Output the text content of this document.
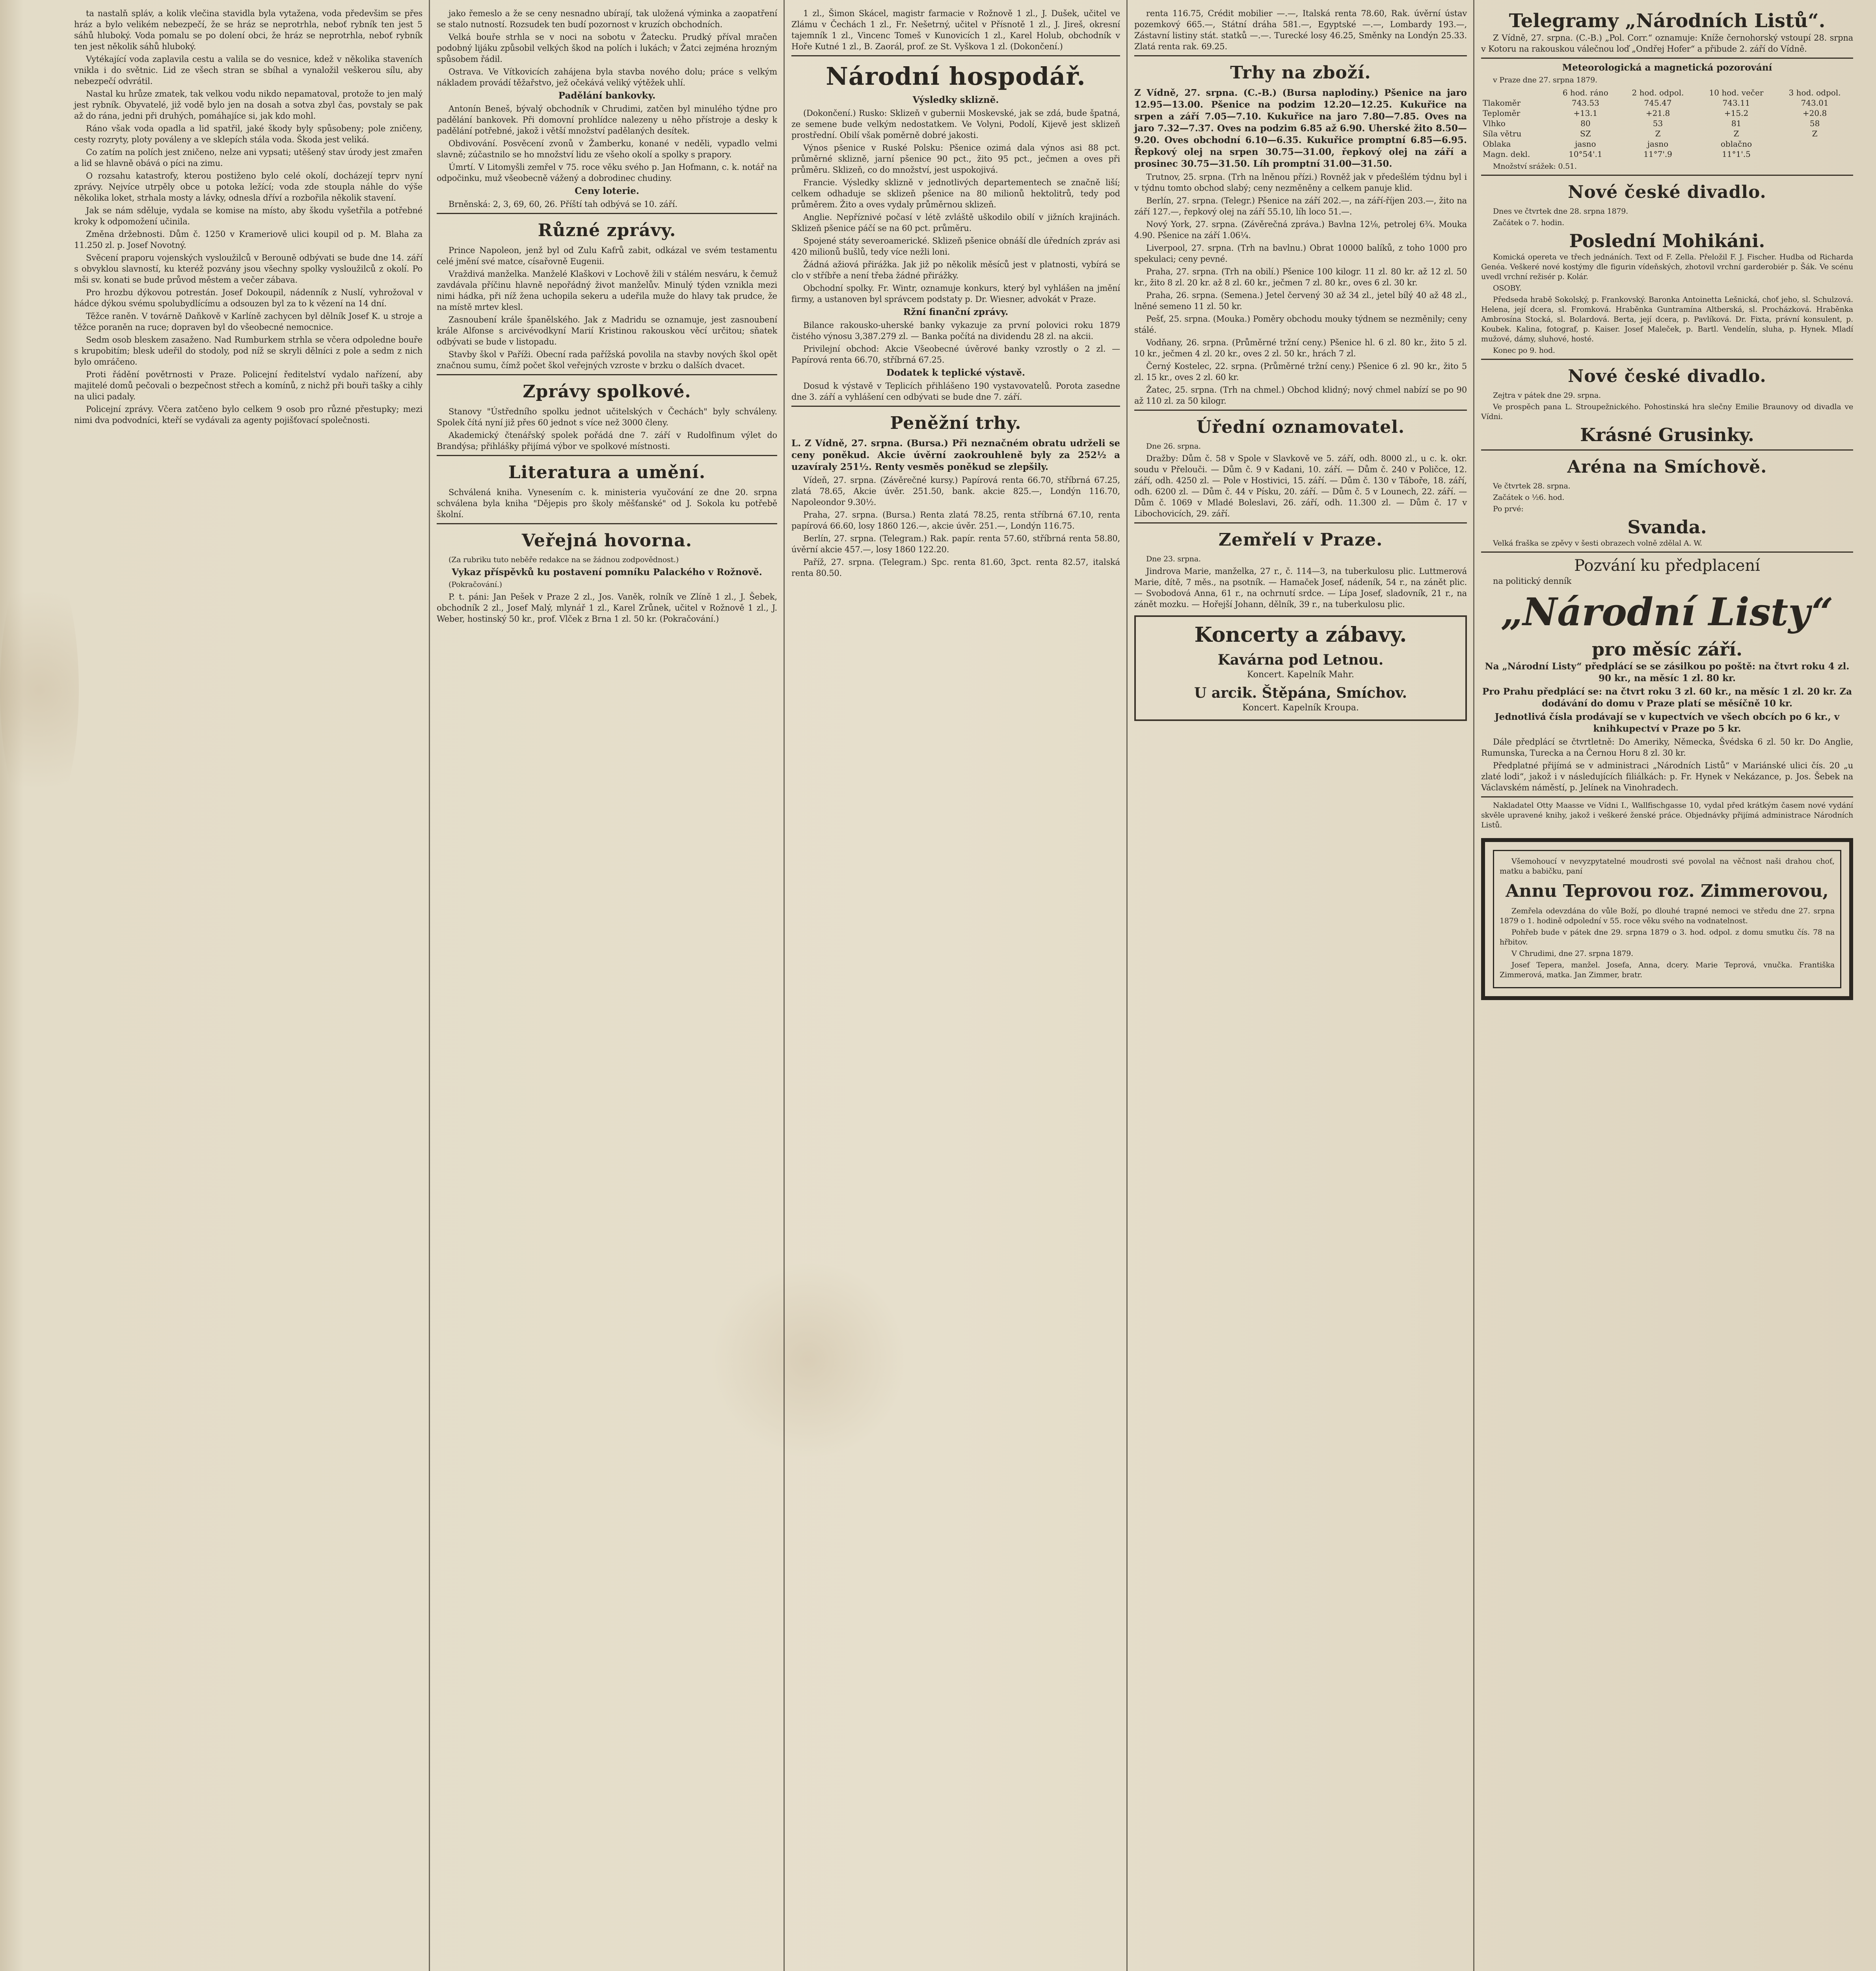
ta nastalň spláv, a kolik vlečina stavidla byla vytažena, voda předevšim se přes hráz a bylo velikém nebezpečí, že se hráz se neprotrhla, neboť rybník ten jest 5 sáhů hluboký. Voda pomalu se po dolení obci, že hráz se neprotrhla, neboť rybník ten jest několik sáhů hluboký.

Vytékající voda zaplavila cestu a valila se do vesnice, kdež v několika staveních vnikla i do světnic. Lid ze všech stran se sbíhal a vynaložil veškerou sílu, aby nebezpečí odvrátil.

Nastal ku hrůze zmatek, tak velkou vodu nikdo nepamatoval, protože to jen malý jest rybník. Obyvatelé, již vodě bylo jen na dosah a sotva zbyl čas, povstaly se pak až do rána, jedni při druhých, pomáhajíce si, jak kdo mohl.

Ráno však voda opadla a lid spatřil, jaké škody byly spůsobeny; pole zničeny, cesty rozryty, ploty pováleny a ve sklepích stála voda. Škoda jest veliká.

Co zatím na polích jest zničeno, nelze ani vypsati; utěšený stav úrody jest zmařen a lid se hlavně obává o píci na zimu.

O rozsahu katastrofy, kterou postiženo bylo celé okolí, docházejí teprv nyní zprávy. Nejvíce utrpěly obce u potoka ležící; voda zde stoupla náhle do výše několika loket, strhala mosty a lávky, odnesla dříví a rozbořila několik stavení.

Jak se nám sděluje, vydala se komise na místo, aby škodu vyšetřila a potřebné kroky k odpomožení učinila.

Změna držebnosti. Dům č. 1250 v Krameriově ulici koupil od p. M. Blaha za 11.250 zl. p. Josef Novotný.

Svěcení praporu vojenských vysloužilců v Berouně odbývati se bude dne 14. září s obvyklou slavností, ku kteréž pozvány jsou všechny spolky vysloužilců z okolí. Po mši sv. konati se bude průvod městem a večer zábava.

Pro hrozbu dýkovou potrestán. Josef Dokoupil, nádenník z Nuslí, vyhrožoval v hádce dýkou svému spolubydlícímu a odsouzen byl za to k vězení na 14 dní.

Těžce raněn. V továrně Daňkově v Karlíně zachycen byl dělník Josef K. u stroje a těžce poraněn na ruce; dopraven byl do všeobecné nemocnice.

Sedm osob bleskem zasaženo. Nad Rumburkem strhla se včera odpoledne bouře s krupobitím; blesk udeřil do stodoly, pod níž se skryli dělníci z pole a sedm z nich bylo omráčeno.

Proti řádění povětrnosti v Praze. Policejní ředitelství vydalo nařízení, aby majitelé domů pečovali o bezpečnost střech a komínů, z nichž při bouři tašky a cihly na ulici padaly.

Policejní zprávy. Včera zatčeno bylo celkem 9 osob pro různé přestupky; mezi nimi dva podvodníci, kteří se vydávali za agenty pojišťovací společnosti.

jako řemeslo a že se ceny nesnadno ubírají, tak uložená výminka a zaopatření se stalo nutností. Rozsudek ten budí pozornost v kruzích obchodních.

Velká bouře strhla se v noci na sobotu v Žatecku. Prudký příval mračen podobný lijáku způsobil velkých škod na polích i lukách; v Žatci zejména hrozným spůsobem řádil.

Ostrava. Ve Vítkovicích zahájena byla stavba nového dolu; práce s velkým nákladem provádí těžařstvo, jež očekává veliký výtěžek uhlí.

Padělání bankovky.

Antonín Beneš, bývalý obchodník v Chrudimi, zatčen byl minulého týdne pro padělání bankovek. Při domovní prohlídce nalezeny u něho přístroje a desky k padělání potřebné, jakož i větší množství padělaných desítek.

Obdivování. Posvěcení zvonů v Žamberku, konané v neděli, vypadlo velmi slavně; zúčastnilo se ho množství lidu ze všeho okolí a spolky s prapory.

Úmrtí. V Litomyšli zemřel v 75. roce věku svého p. Jan Hofmann, c. k. notář na odpočinku, muž všeobecně vážený a dobrodinec chudiny.

Ceny loterie.

Brněnská: 2, 3, 69, 60, 26. Příští tah odbývá se 10. září.

Různé zprávy.

Prince Napoleon, jenž byl od Zulu Kafrů zabit, odkázal ve svém testamentu celé jmění své matce, císařovně Eugenii.

Vraždivá manželka. Manželé Klaškovi v Lochově žili v stálém nesváru, k čemuž zavdávala příčinu hlavně nepořádný život manželův. Minulý týden vznikla mezi nimi hádka, při níž žena uchopila sekeru a udeřila muže do hlavy tak prudce, že na místě mrtev klesl.

Zasnoubení krále španělského. Jak z Madridu se oznamuje, jest zasnoubení krále Alfonse s arcivévodkyní Marií Kristinou rakouskou věcí určitou; sňatek odbývati se bude v listopadu.

Stavby škol v Paříži. Obecní rada pařížská povolila na stavby nových škol opět značnou sumu, čímž počet škol veřejných vzroste v brzku o dalších dvacet.

Zprávy spolkové.

Stanovy "Ústředního spolku jednot učitelských v Čechách" byly schváleny. Spolek čítá nyní již přes 60 jednot s více než 3000 členy.

Akademický čtenářský spolek pořádá dne 7. září v Rudolfinum výlet do Brandýsa; přihlášky přijímá výbor ve spolkové místnosti.

Literatura a umění.

Schválená kniha. Vynesením c. k. ministeria vyučování ze dne 20. srpna schválena byla kniha "Dějepis pro školy měšťanské" od J. Sokola ku potřebě školní.

Veřejná hovorna.

(Za rubriku tuto neběře redakce na se žádnou zodpovědnost.)

Vykaz příspěvků ku postavení pomníku Palackého v Rožnově.

(Pokračování.)

P. t. páni: Jan Pešek v Praze 2 zl., Jos. Vaněk, rolník ve Zlíně 1 zl., J. Šebek, obchodník 2 zl., Josef Malý, mlynář 1 zl., Karel Zrůnek, učitel v Rožnově 1 zl., J. Weber, hostinský 50 kr., prof. Vlček z Brna 1 zl. 50 kr. (Pokračování.)

1 zl., Šimon Skácel, magistr farmacie v Rožnově 1 zl., J. Dušek, učitel ve Zlámu v Čechách 1 zl., Fr. Nešetrný, učitel v Přísnotě 1 zl., J. Jireš, okresní tajemník 1 zl., Vincenc Tomeš v Kunovicích 1 zl., Karel Holub, obchodník v Hoře Kutné 1 zl., B. Zaorál, prof. ze St. Vyškova 1 zl. (Dokončení.)

Národní hospodář.
Výsledky sklizně.

(Dokončení.) Rusko: Sklizeň v gubernii Moskevské, jak se zdá, bude špatná, ze semene bude velkým nedostatkem. Ve Volyni, Podolí, Kijevě jest sklizeň prostřední. Obilí však poměrně dobré jakosti.

Výnos pšenice v Ruské Polsku: Pšenice ozimá dala výnos asi 88 pct. průměrné sklizně, jarní pšenice 90 pct., žito 95 pct., ječmen a oves při průměru. Sklizeň, co do množství, jest uspokojivá.

Francie. Výsledky sklizně v jednotlivých departementech se značně liší; celkem odhaduje se sklizeň pšenice na 80 milionů hektolitrů, tedy pod průměrem. Žito a oves vydaly průměrnou sklizeň.

Anglie. Nepříznivé počasí v létě zvláště uškodilo obilí v jižních krajinách. Sklizeň pšenice páčí se na 60 pct. průměru.

Spojené státy severoamerické. Sklizeň pšenice obnáší dle úředních zpráv asi 420 milionů bušlů, tedy více nežli loni.

Žádná ažiová přirážka. Jak již po několik měsíců jest v platnosti, vybírá se clo v stříbře a není třeba žádné přirážky.

Obchodní spolky. Fr. Wintr, oznamuje konkurs, který byl vyhlášen na jmění firmy, a ustanoven byl správcem podstaty p. Dr. Wiesner, advokát v Praze.

Ržní finanční zprávy.

Bilance rakousko-uherské banky vykazuje za první polovici roku 1879 čistého výnosu 3,387.279 zl. — Banka počítá na dividendu 28 zl. na akcii.

Privilejní obchod: Akcie Všeobecné úvěrové banky vzrostly o 2 zl. — Papírová renta 66.70, stříbrná 67.25.

Dodatek k teplické výstavě.

Dosud k výstavě v Teplicích přihlášeno 190 vystavovatelů. Porota zasedne dne 3. září a vyhlášení cen odbývati se bude dne 7. září.

Peněžní trhy.

L. Z Vídně, 27. srpna. (Bursa.) Při neznačném obratu udrželi se ceny poněkud. Akcie úvěrní zaokrouhleně byly za 252½ a uzavíraly 251½. Renty vesměs poněkud se zlepšily.

Vídeň, 27. srpna. (Závěrečné kursy.) Papírová renta 66.70, stříbrná 67.25, zlatá 78.65, Akcie úvěr. 251.50, bank. akcie 825.—, Londýn 116.70, Napoleondor 9.30½.

Praha, 27. srpna. (Bursa.) Renta zlatá 78.25, renta stříbrná 67.10, renta papírová 66.60, losy 1860 126.—, akcie úvěr. 251.—, Londýn 116.75.

Berlín, 27. srpna. (Telegram.) Rak. papír. renta 57.60, stříbrná renta 58.80, úvěrní akcie 457.—, losy 1860 122.20.

Paříž, 27. srpna. (Telegram.) Spc. renta 81.60, 3pct. renta 82.57, italská renta 80.50.

renta 116.75, Crédit mobilier —.—, Italská renta 78.60, Rak. úvěrní ústav pozemkový 665.—, Státní dráha 581.—, Egyptské —.—, Lombardy 193.—, Zástavní listiny stát. statků —.—. Turecké losy 46.25, Směnky na Londýn 25.33. Zlatá renta rak. 69.25.

Trhy na zboží.

Z Vídně, 27. srpna. (C.-B.) (Bursa naplodiny.) Pšenice na jaro 12.95—13.00. Pšenice na podzim 12.20—12.25. Kukuřice na srpen a září 7.05—7.10. Kukuřice na jaro 7.80—7.85. Oves na jaro 7.32—7.37. Oves na podzim 6.85 až 6.90. Uherské žito 8.50—9.20. Oves obchodní 6.10—6.35. Kukuřice promptní 6.85—6.95. Řepkový olej na srpen 30.75—31.00, řepkový olej na září a prosinec 30.75—31.50. Líh promptní 31.00—31.50.

Trutnov, 25. srpna. (Trh na lněnou přízi.) Rovněž jak v předešlém týdnu byl i v týdnu tomto obchod slabý; ceny nezměněny a celkem panuje klid.

Berlín, 27. srpna. (Telegr.) Pšenice na září 202.—, na září-říjen 203.—, žito na září 127.—, řepkový olej na září 55.10, líh loco 51.—.

Nový York, 27. srpna. (Závěrečná zpráva.) Bavlna 12⅛, petrolej 6¾. Mouka 4.90. Pšenice na září 1.06¼.

Liverpool, 27. srpna. (Trh na bavlnu.) Obrat 10000 balíků, z toho 1000 pro spekulaci; ceny pevné.

Praha, 27. srpna. (Trh na obilí.) Pšenice 100 kilogr. 11 zl. 80 kr. až 12 zl. 50 kr., žito 8 zl. 20 kr. až 8 zl. 60 kr., ječmen 7 zl. 80 kr., oves 6 zl. 30 kr.

Praha, 26. srpna. (Semena.) Jetel červený 30 až 34 zl., jetel bílý 40 až 48 zl., lněné semeno 11 zl. 50 kr.

Pešť, 25. srpna. (Mouka.) Poměry obchodu mouky týdnem se nezměnily; ceny stálé.

Vodňany, 26. srpna. (Průměrné tržní ceny.) Pšenice hl. 6 zl. 80 kr., žito 5 zl. 10 kr., ječmen 4 zl. 20 kr., oves 2 zl. 50 kr., hrách 7 zl.

Černý Kostelec, 22. srpna. (Průměrné tržní ceny.) Pšenice 6 zl. 90 kr., žito 5 zl. 15 kr., oves 2 zl. 60 kr.

Žatec, 25. srpna. (Trh na chmel.) Obchod klidný; nový chmel nabízí se po 90 až 110 zl. za 50 kilogr.

Úřední oznamovatel.

Dne 26. srpna.

Dražby: Dům č. 58 v Spole v Slavkově ve 5. září, odh. 8000 zl., u c. k. okr. soudu v Přelouči. — Dům č. 9 v Kadani, 10. září. — Dům č. 240 v Poličce, 12. září, odh. 4250 zl. — Pole v Hostivici, 15. září. — Dům č. 130 v Táboře, 18. září, odh. 6200 zl. — Dům č. 44 v Písku, 20. září. — Dům č. 5 v Lounech, 22. září. — Dům č. 1069 v Mladé Boleslavi, 26. září, odh. 11.300 zl. — Dům č. 17 v Libochovicích, 29. září.

Zemřelí v Praze.

Dne 23. srpna.

Jindrova Marie, manželka, 27 r., č. 114—3, na tuberkulosu plic. Luttmerová Marie, dítě, 7 měs., na psotník. — Hamaček Josef, nádeník, 54 r., na zánět plic. — Svobodová Anna, 61 r., na ochrnutí srdce. — Lípa Josef, sladovník, 21 r., na zánět mozku. — Hořejší Johann, dělník, 39 r., na tuberkulosu plic.

Koncerty a zábavy.
Kavárna pod Letnou.
Koncert. Kapelník Mahr.
U arcik. Štěpána, Smíchov.
Koncert. Kapelník Kroupa.
Telegramy „Národních Listů“.

Z Vídně, 27. srpna. (C.-B.) „Pol. Corr.“ oznamuje: Kníže černohorský vstoupí 28. srpna v Kotoru na rakouskou válečnou loď „Ondřej Hofer“ a přibude 2. září do Vídně.

Meteorologická a magnetická pozorování

v Praze dne 27. srpna 1879.

	6 hod. ráno	2 hod. odpol.	10 hod. večer	3 hod. odpol.
Tlakoměr	743.53	745.47	743.11	743.01
Teploměr	+13.1	+21.8	+15.2	+20.8
Vlhko	80	53	81	58
Síla větru	SZ	Z	Z	Z
Oblaka	jasno	jasno	oblačno	
Magn. dekl.	10°54'.1	11°7'.9	11°1'.5	

Množství srážek: 0.51.

Nové české divadlo.

Dnes ve čtvrtek dne 28. srpna 1879.

Začátek o 7. hodin.

Poslední Mohikáni.

Komická opereta ve třech jednáních. Text od F. Zella. Přeložil F. J. Fischer. Hudba od Richarda Genéa. Veškeré nové kostýmy dle figurin vídeňských, zhotovil vrchní garderobiér p. Šák. Ve scénu uvedl vrchní režisér p. Kolár.

OSOBY.

Předseda hrabě Sokolský, p. Frankovský. Baronka Antoinetta Lešnická, choť jeho, sl. Schulzová. Helena, její dcera, sl. Fromková. Hraběnka Guntramína Altberská, sl. Procházková. Hraběnka Ambrosína Stocká, sl. Bolardová. Berta, její dcera, p. Pavlíková. Dr. Fixta, právní konsulent, p. Koubek. Kalina, fotograf, p. Kaiser. Josef Maleček, p. Bartl. Vendelín, sluha, p. Hynek. Mladí mužové, dámy, sluhové, hosté.

Konec po 9. hod.

Nové české divadlo.

Zejtra v pátek dne 29. srpna.

Ve prospěch pana L. Stroupežnického. Pohostinská hra slečny Emilie Braunovy od divadla ve Vídni.

Krásné Grusinky.
Aréna na Smíchově.

Ve čtvrtek 28. srpna.

Začátek o ½6. hod.

Po prvé:

Svanda.

Velká fraška se zpěvy v šesti obrazech volně zdělal A. W.

Pozvání ku předplacení

na politický denník

„Národní Listy“
pro měsíc září.

Na „Národní Listy“ předplácí se se zásilkou po poště: na čtvrt roku 4 zl. 90 kr., na měsíc 1 zl. 80 kr.

Pro Prahu předplácí se: na čtvrt roku 3 zl. 60 kr., na měsíc 1 zl. 20 kr. Za dodávání do domu v Praze platí se měsíčně 10 kr.

Jednotlivá čísla prodávají se v kupectvích ve všech obcích po 6 kr., v knihkupectví v Praze po 5 kr.

Dále předplácí se čtvrtletně: Do Ameriky, Německa, Švédska 6 zl. 50 kr. Do Anglie, Rumunska, Turecka a na Černou Horu 8 zl. 30 kr.

Předplatné přijímá se v administraci „Národních Listů“ v Mariánské ulici čís. 20 „u zlaté lodi“, jakož i v následujících filiálkách: p. Fr. Hynek v Nekázance, p. Jos. Šebek na Václavském náměstí, p. Jelínek na Vinohradech.

Nakladatel Otty Maasse ve Vídni I., Wallfischgasse 10, vydal před krátkým časem nové vydání skvěle upravené knihy, jakož i veškeré ženské práce. Objednávky přijímá administrace Národních Listů.

Všemohoucí v nevyzpytatelné moudrosti své povolal na věčnost naši drahou choť, matku a babičku, paní

Annu Teprovou roz. Zimmerovou,

Zemřela odevzdána do vůle Boží, po dlouhé trapné nemoci ve středu dne 27. srpna 1879 o 1. hodině odpolední v 55. roce věku svého na vodnatelnost.

Pohřeb bude v pátek dne 29. srpna 1879 o 3. hod. odpol. z domu smutku čís. 78 na hřbitov.

V Chrudimi, dne 27. srpna 1879.

Josef Tepera, manžel. Josefa, Anna, dcery. Marie Teprová, vnučka. Františka Zimmerová, matka. Jan Zimmer, bratr.
